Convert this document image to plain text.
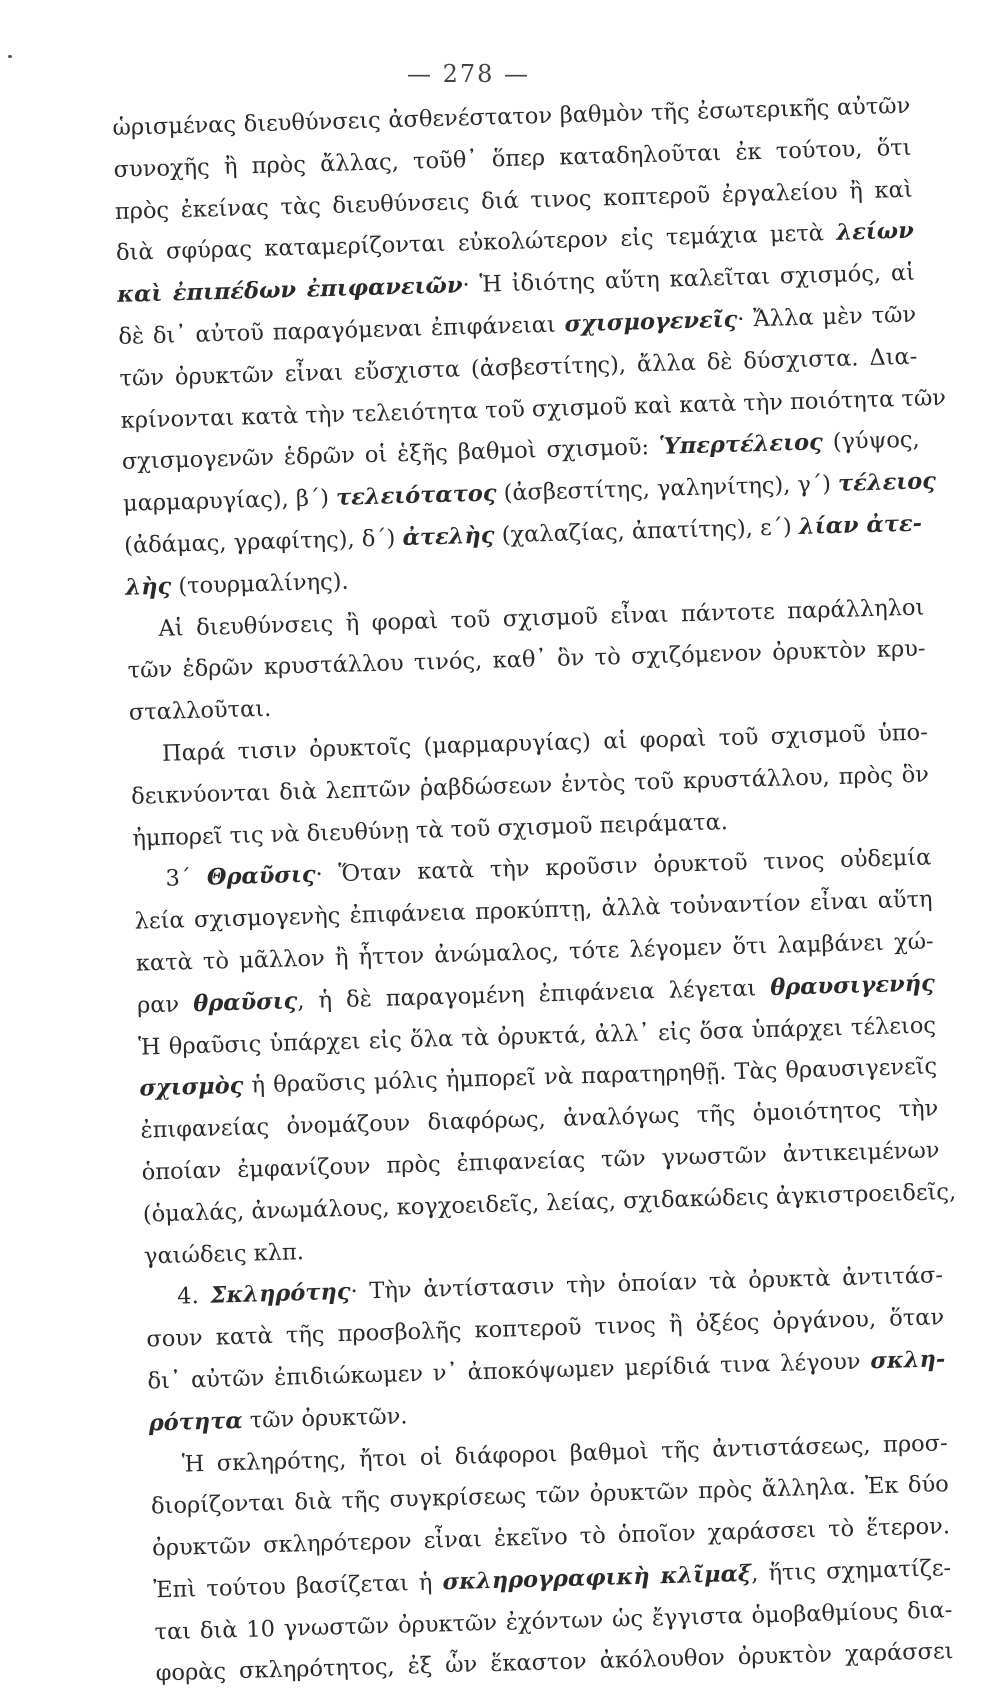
— 278 —
ὡρισμένας διευθύνσεις ἀσθενέστατον βαθμὸν τῆς ἐσωτερικῆς αὐτῶν
συνοχῆς ἢ πρὸς ἄλλας, τοῦθ᾽ ὅπερ καταδηλοῦται ἐκ τούτου, ὅτι
πρὸς ἐκείνας τὰς διευθύνσεις διά τινος κοπτεροῦ ἐργαλείου ἢ καὶ
διὰ σφύρας καταμερίζονται εὐκολώτερον εἰς τεμάχια μετὰ λείων
καὶ ἐπιπέδων ἐπιφανειῶν· Ἡ ἰδιότης αὕτη καλεῖται σχισμός, αἱ
δὲ δι᾽ αὐτοῦ παραγόμεναι ἐπιφάνειαι σχισμογενεῖς· Ἄλλα μὲν τῶν
τῶν ὀρυκτῶν εἶναι εὔσχιστα (ἀσβεστίτης), ἄλλα δὲ δύσχιστα. Δια-
κρίνονται κατὰ τὴν τελειότητα τοῦ σχισμοῦ καὶ κατὰ τὴν ποιότητα τῶν
σχισμογενῶν ἑδρῶν οἱ ἑξῆς βαθμοὶ σχισμοῦ: Ὑπερτέλειος (γύψος,
μαρμαρυγίας), β΄) τελειότατος (ἀσβεστίτης, γαληνίτης), γ΄) τέλειος
(ἀδάμας, γραφίτης), δ΄) ἀτελὴς (χαλαζίας, ἀπατίτης), ε΄) λίαν ἀτε-
λὴς (τουρμαλίνης).
Αἱ διευθύνσεις ἢ φοραὶ τοῦ σχισμοῦ εἶναι πάντοτε παράλληλοι
τῶν ἑδρῶν κρυστάλλου τινός, καθ᾽ ὃν τὸ σχιζόμενον ὀρυκτὸν κρυ-
σταλλοῦται.
Παρά τισιν ὀρυκτοῖς (μαρμαρυγίας) αἱ φοραὶ τοῦ σχισμοῦ ὑπο-
δεικνύονται διὰ λεπτῶν ῥαβδώσεων ἐντὸς τοῦ κρυστάλλου, πρὸς ὃν
ἠμπορεῖ τις νὰ διευθύνῃ τὰ τοῦ σχισμοῦ πειράματα.
3΄ Θραῦσις· Ὅταν κατὰ τὴν κροῦσιν ὀρυκτοῦ τινος οὐδεμία
λεία σχισμογενὴς ἐπιφάνεια προκύπτῃ, ἀλλὰ τοὐναντίον εἶναι αὕτη
κατὰ τὸ μᾶλλον ἢ ἧττον ἀνώμαλος, τότε λέγομεν ὅτι λαμβάνει χώ-
ραν θραῦσις, ἡ δὲ παραγομένη ἐπιφάνεια λέγεται θραυσιγενής
Ἡ θραῦσις ὑπάρχει εἰς ὅλα τὰ ὀρυκτά, ἀλλ᾽ εἰς ὅσα ὑπάρχει τέλειος
σχισμὸς ἡ θραῦσις μόλις ἠμπορεῖ νὰ παρατηρηθῇ. Τὰς θραυσιγενεῖς
ἐπιφανείας ὀνομάζουν διαφόρως, ἀναλόγως τῆς ὁμοιότητος τὴν
ὁποίαν ἐμφανίζουν πρὸς ἐπιφανείας τῶν γνωστῶν ἀντικειμένων
(ὁμαλάς, ἀνωμάλους, κογχοειδεῖς, λείας, σχιδακώδεις ἀγκιστροειδεῖς,
γαιώδεις κλπ.
4. Σκληρότης· Τὴν ἀντίστασιν τὴν ὁποίαν τὰ ὀρυκτὰ ἀντιτάσ-
σουν κατὰ τῆς προσβολῆς κοπτεροῦ τινος ἢ ὀξέος ὀργάνου, ὅταν
δι᾽ αὐτῶν ἐπιδιώκωμεν ν᾽ ἀποκόψωμεν μερίδιά τινα λέγουν σκλη-
ρότητα τῶν ὀρυκτῶν.
Ἡ σκληρότης, ἤτοι οἱ διάφοροι βαθμοὶ τῆς ἀντιστάσεως, προσ-
διορίζονται διὰ τῆς συγκρίσεως τῶν ὀρυκτῶν πρὸς ἄλληλα. Ἐκ δύο
ὀρυκτῶν σκληρότερον εἶναι ἐκεῖνο τὸ ὁποῖον χαράσσει τὸ ἕτερον.
Ἐπὶ τούτου βασίζεται ἡ σκληρογραφικὴ κλῖμαξ, ἥτις σχηματίζε-
ται διὰ 10 γνωστῶν ὀρυκτῶν ἐχόντων ὡς ἔγγιστα ὁμοβαθμίους δια-
φορὰς σκληρότητος, ἐξ ὧν ἕκαστον ἀκόλουθον ὀρυκτὸν χαράσσει
